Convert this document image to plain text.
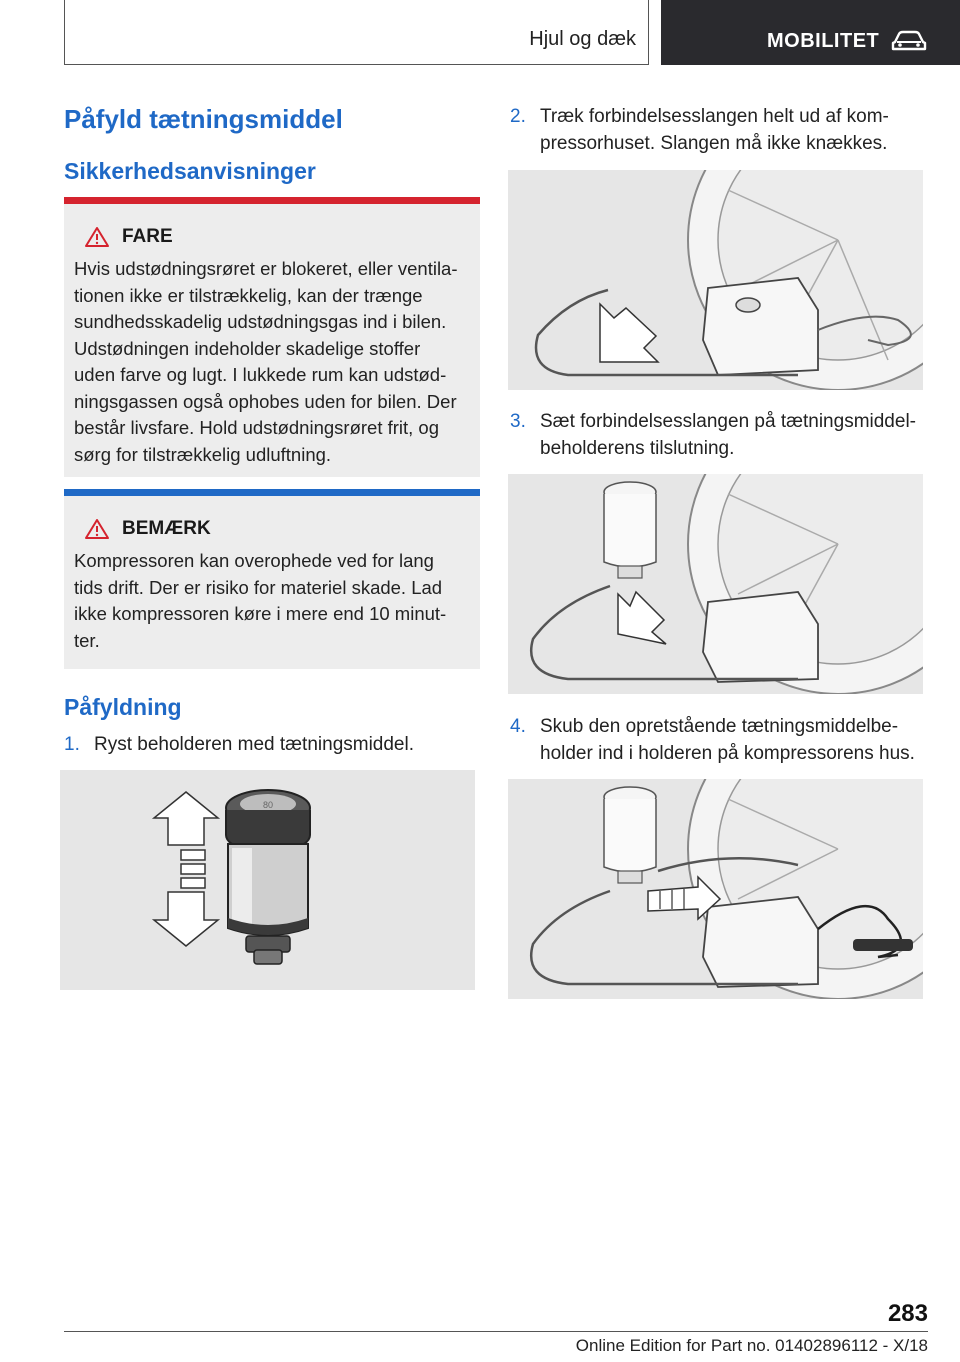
Hjul og dæk	MOBILITET
Påfyld tætningsmiddel
Sikkerhedsanvisninger
FARE
Hvis udstødningsrøret er blokeret, eller ventila-
tionen ikke er tilstrækkelig, kan der trænge
sundhedsskadelig udstødningsgas ind i bilen.
Udstødningen indeholder skadelige stoffer
uden farve og lugt. I lukkede rum kan udstød-
ningsgassen også ophobes uden for bilen. Der
består livsfare. Hold udstødningsrøret frit, og
sørg for tilstrækkelig udluftning.
BEMÆRK
Kompressoren kan overophede ved for lang
tids drift. Der er risiko for materiel skade. Lad
ikke kompressoren køre i mere end 10 minut-
ter.
Påfyldning
1. Ryst beholderen med tætningsmiddel.
80
2. Træk forbindelsesslangen helt ud af kom-
pressorhuset. Slangen må ikke knækkes.
3. Sæt forbindelsesslangen på tætningsmiddel-
beholderens tilslutning.
4. Skub den opretstående tætningsmiddelbe-
holder ind i holderen på kompressorens hus.
283
Online Edition for Part no. 01402896112 - X/18
